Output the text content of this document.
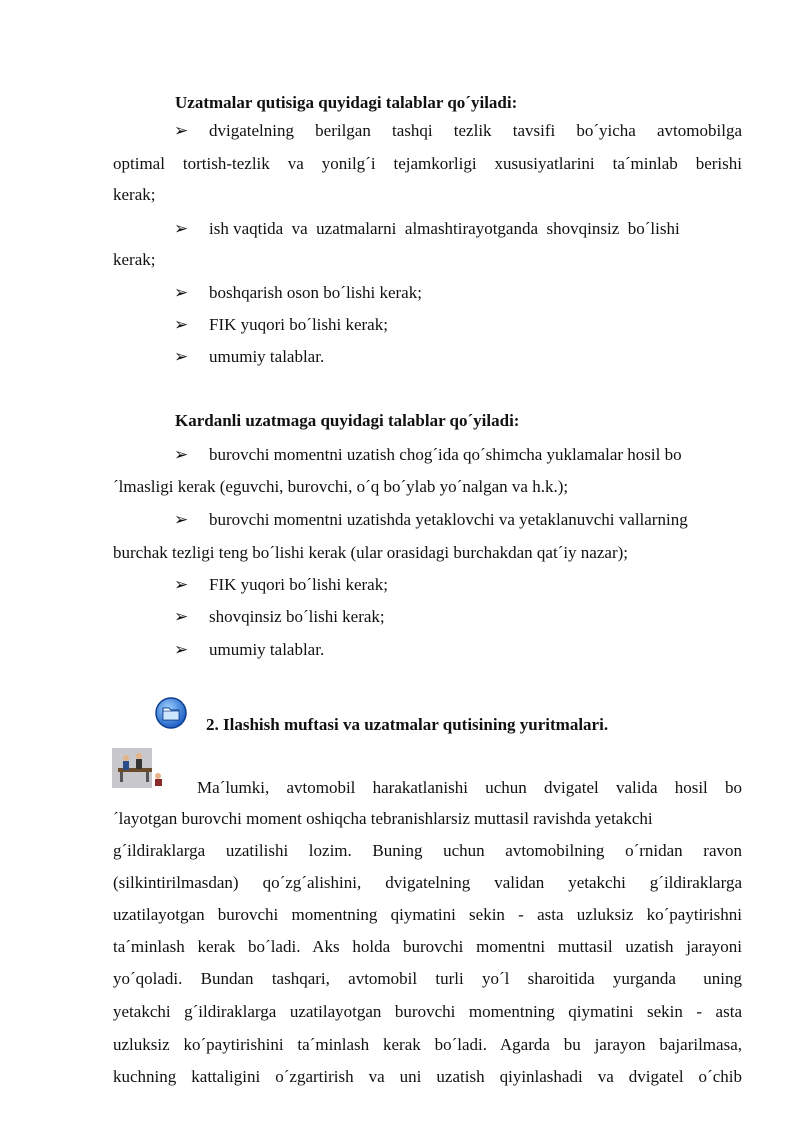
Uzatmalar qutisiga quyidagi talablar qo´yiladi:
➢ dvigatelning berilgan tashqi tezlik tavsifi bo´yicha avtomobilga
optimal tortish-tezlik va yonilg´i tejamkorligi xususiyatlarini ta´minlab berishi
kerak;
➢ ish vaqtida  va  uzatmalarni  almashtirayotganda  shovqinsiz  bo´lishi
kerak;
➢ boshqarish oson bo´lishi kerak;
➢ FIK yuqori bo´lishi kerak;
➢ umumiy talablar.
Kardanli uzatmaga quyidagi talablar qo´yiladi:
➢ burovchi momentni uzatish chog´ida qo´shimcha yuklamalar hosil bo
´lmasligi kerak (eguvchi, burovchi, o´q bo´ylab yo´nalgan va h.k.);
➢ burovchi momentni uzatishda yetaklovchi va yetaklanuvchi vallarning
burchak tezligi teng bo´lishi kerak (ular orasidagi burchakdan qat´iy nazar);
➢ FIK yuqori bo´lishi kerak;
➢ shovqinsiz bo´lishi kerak;
➢ umumiy talablar.
2. Ilashish muftasi va uzatmalar qutisining yuritmalari.
Ma´lumki,  avtomobil  harakatlanishi  uchun  dvigatel  valida  hosil  bo
´layotgan burovchi moment oshiqcha tebranishlarsiz muttasil ravishda yetakchi
g´ildiraklarga  uzatilishi  lozim.  Buning  uchun  avtomobilning  o´rnidan  ravon
(silkintirilmasdan)  qo´zg´alishini,  dvigatelning  validan  yetakchi  g´ildiraklarga
uzatilayotgan burovchi momentning qiymatini sekin - asta uzluksiz ko´paytirishni
ta´minlash kerak bo´ladi. Aks holda burovchi momentni muttasil uzatish jarayoni
yo´qoladi.  Bundan  tashqari,  avtomobil  turli  yo´l  sharoitida  yurganda   uning
yetakchi g´ildiraklarga uzatilayotgan burovchi momentning qiymatini sekin - asta
uzluksiz ko´paytirishini ta´minlash kerak bo´ladi. Agarda bu jarayon bajarilmasa,
kuchning  kattaligini  o´zgartirish  va  uni  uzatish  qiyinlashadi  va  dvigatel  o´chib
